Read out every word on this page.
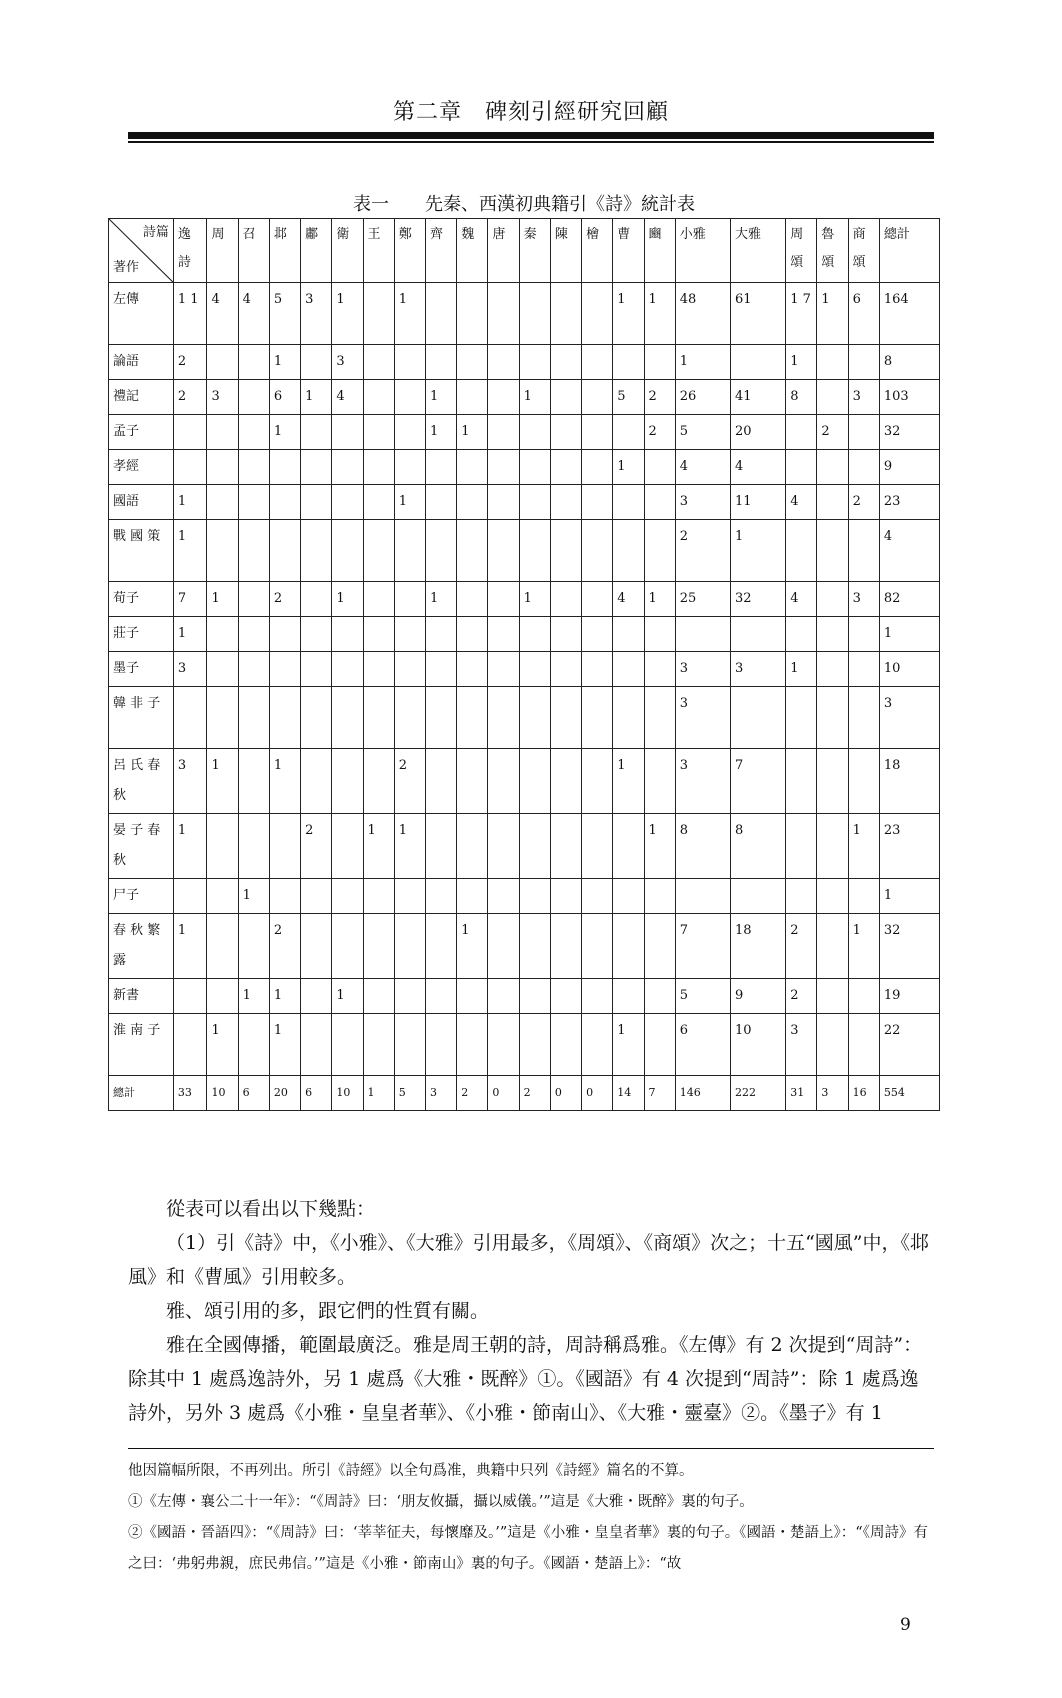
第二章　碑刻引經研究回顧
表一　　先秦、西漢初典籍引《詩》統計表
詩篇
著作	逸詩	周	召	邶	鄘	衛	王	鄭	齊	魏	唐	秦	陳	檜	曹	豳	小雅	大雅	周頌	魯頌	商頌	總計
左傳	1 1	4	4	5	3	1		1							1	1	48	61	1 7	1	6	164
論語	2			1		3											1		1			8
禮記	2	3		6	1	4			1			1			5	2	26	41	8		3	103
孟子				1					1	1						2	5	20		2		32
孝經															1		4	4				9
國語	1							1									3	11	4		2	23
戰 國 策	1																2	1				4
荀子	7	1		2		1			1			1			4	1	25	32	4		3	82
莊子	1																					1
墨子	3																3	3	1			10
韓 非 子																	3					3
呂 氏 春秋	3	1		1				2							1		3	7				18
晏 子 春秋	1				2		1	1								1	8	8			1	23
尸子			1																			1
春 秋 繁露	1			2						1							7	18	2		1	32
新書			1	1		1											5	9	2			19
淮 南 子		1		1											1		6	10	3			22
總計	33	10	6	20	6	10	1	5	3	2	0	2	0	0	14	7	146	222	31	3	16	554

從表可以看出以下幾點：

（1）引《詩》中，《小雅》、《大雅》引用最多，《周頌》、《商頌》次之；十五“國風”中，《邶風》和《曹風》引用較多。

雅、頌引用的多，跟它們的性質有關。

雅在全國傳播，範圍最廣泛。雅是周王朝的詩，周詩稱爲雅。《左傳》有 2 次提到“周詩”：除其中 1 處爲逸詩外，另 1 處爲《大雅・既醉》①。《國語》有 4 次提到“周詩”：除 1 處爲逸詩外，另外 3 處爲《小雅・皇皇者華》、《小雅・節南山》、《大雅・靈臺》②。《墨子》有 1

他因篇幅所限，不再列出。所引《詩經》以全句爲准，典籍中只列《詩經》篇名的不算。

①《左傳・襄公二十一年》：“《周詩》曰：‘朋友攸攝，攝以威儀。’”這是《大雅・既醉》裏的句子。

②《國語・晉語四》：“《周詩》曰：‘莘莘征夫，每懷靡及。’”這是《小雅・皇皇者華》裏的句子。《國語・楚語上》：“《周詩》有之曰：‘弗躬弗親，庶民弗信。’”這是《小雅・節南山》裏的句子。《國語・楚語上》：“故

9
